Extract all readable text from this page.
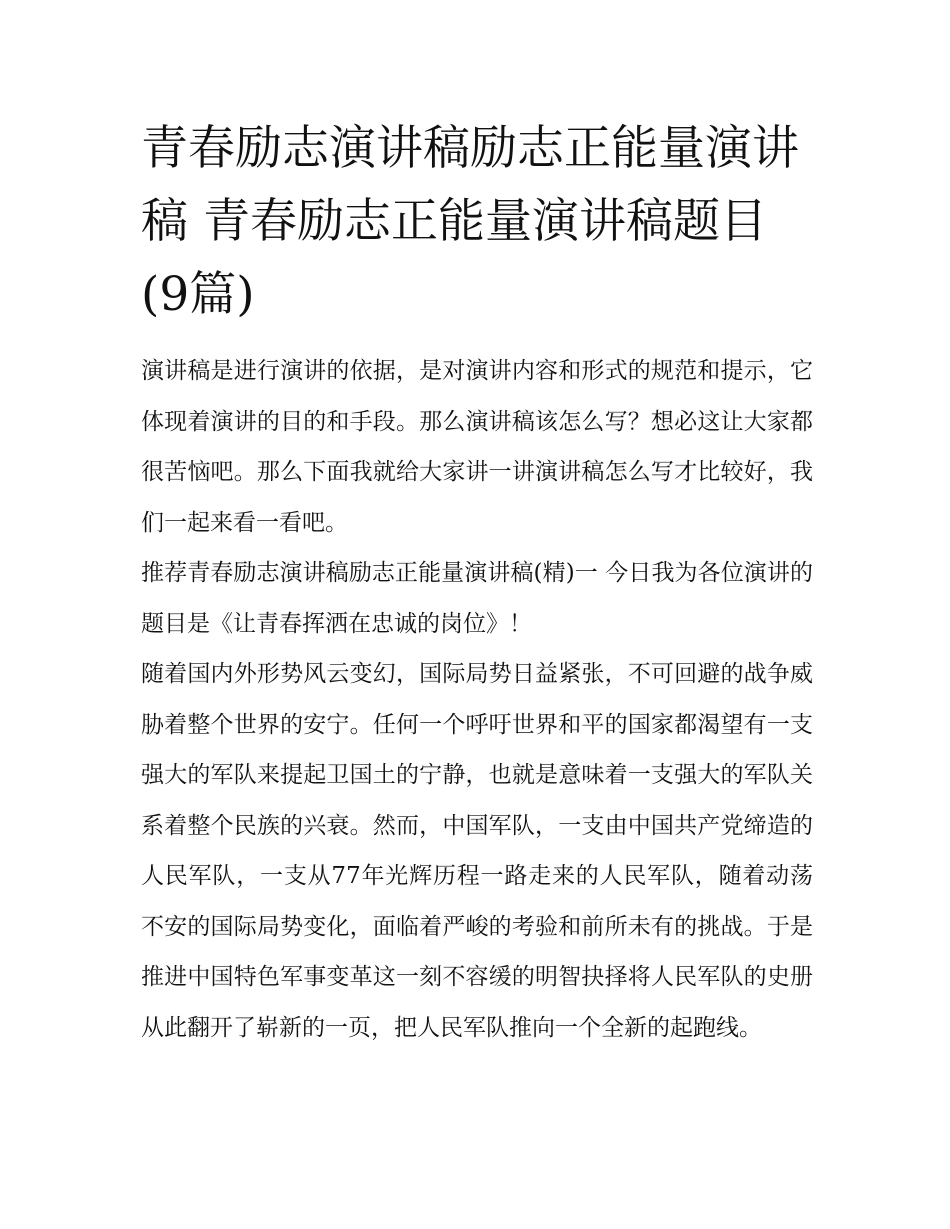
青春励志演讲稿励志正能量演讲稿 青春励志正能量演讲稿题目(9篇)

演讲稿是进行演讲的依据，是对演讲内容和形式的规范和提示，它体现着演讲的目的和手段。那么演讲稿该怎么写？想必这让大家都很苦恼吧。那么下面我就给大家讲一讲演讲稿怎么写才比较好，我们一起来看一看吧。

推荐青春励志演讲稿励志正能量演讲稿(精)一 今日我为各位演讲的题目是《让青春挥洒在忠诚的岗位》！

随着国内外形势风云变幻，国际局势日益紧张，不可回避的战争威胁着整个世界的安宁。任何一个呼吁世界和平的国家都渴望有一支强大的军队来提起卫国土的宁静，也就是意味着一支强大的军队关系着整个民族的兴衰。然而，中国军队，一支由中国共产党缔造的人民军队，一支从77年光辉历程一路走来的人民军队，随着动荡不安的国际局势变化，面临着严峻的考验和前所未有的挑战。于是推进中国特色军事变革这一刻不容缓的明智抉择将人民军队的史册从此翻开了崭新的一页，把人民军队推向一个全新的起跑线。
